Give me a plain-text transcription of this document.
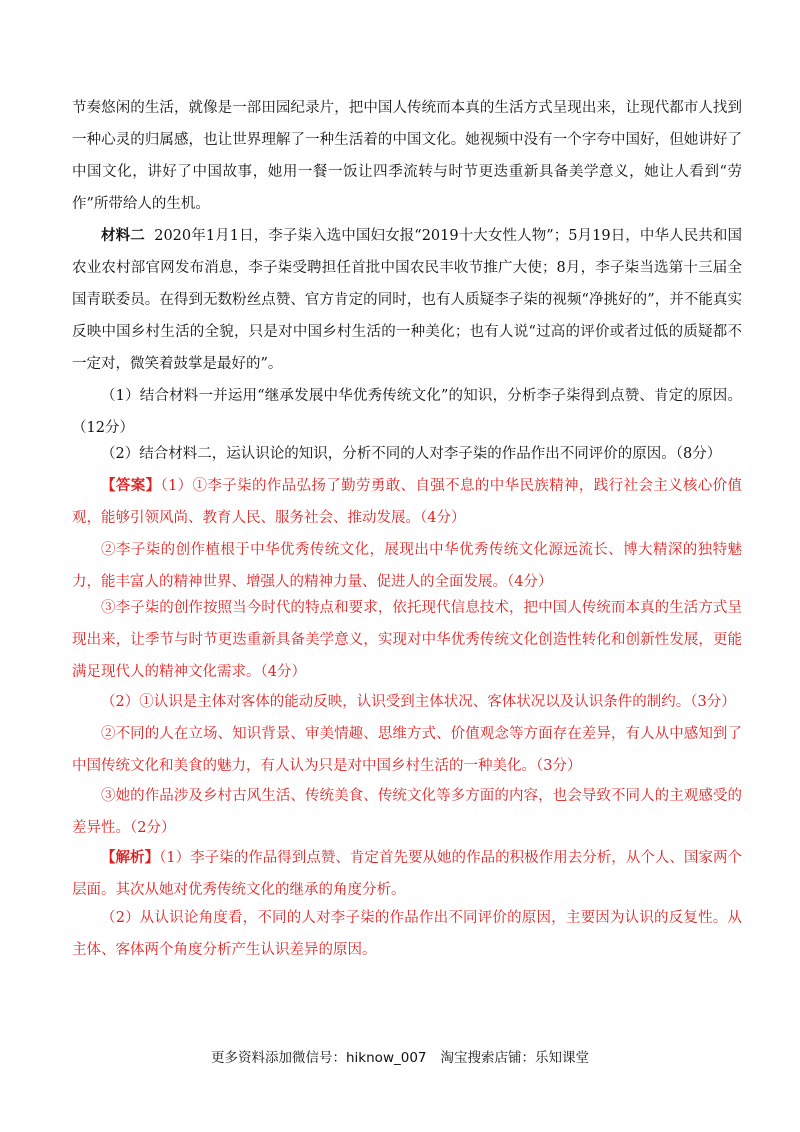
节奏悠闲的生活，就像是一部田园纪录片，把中国人传统而本真的生活方式呈现出来，让现代都市人找到一种心灵的归属感，也让世界理解了一种生活着的中国文化。她视频中没有一个字夸中国好，但她讲好了中国文化，讲好了中国故事，她用一餐一饭让四季流转与时节更迭重新具备美学意义，她让人看到“劳作”所带给人的生机。

材料二 2020年1月1日，李子柒入选中国妇女报“2019十大女性人物”；5月19日，中华人民共和国农业农村部官网发布消息，李子柒受聘担任首批中国农民丰收节推广大使；8月，李子柒当选第十三届全国青联委员。在得到无数粉丝点赞、官方肯定的同时，也有人质疑李子柒的视频“净挑好的”，并不能真实反映中国乡村生活的全貌，只是对中国乡村生活的一种美化；也有人说“过高的评价或者过低的质疑都不一定对，微笑着鼓掌是最好的”。

（1）结合材料一并运用“继承发展中华优秀传统文化”的知识，分析李子柒得到点赞、肯定的原因。（12分）

（2）结合材料二，运认识论的知识，分析不同的人对李子柒的作品作出不同评价的原因。（8分）

【答案】（1）①李子柒的作品弘扬了勤劳勇敢、自强不息的中华民族精神，践行社会主义核心价值观，能够引领风尚、教育人民、服务社会、推动发展。（4分）

②李子柒的创作植根于中华优秀传统文化，展现出中华优秀传统文化源远流长、博大精深的独特魅力，能丰富人的精神世界、增强人的精神力量、促进人的全面发展。（4分）

③李子柒的创作按照当今时代的特点和要求，依托现代信息技术，把中国人传统而本真的生活方式呈现出来，让季节与时节更迭重新具备美学意义，实现对中华优秀传统文化创造性转化和创新性发展，更能满足现代人的精神文化需求。（4分）

（2）①认识是主体对客体的能动反映，认识受到主体状况、客体状况以及认识条件的制约。（3分）

②不同的人在立场、知识背景、审美情趣、思维方式、价值观念等方面存在差异，有人从中感知到了中国传统文化和美食的魅力，有人认为只是对中国乡村生活的一种美化。（3分）

③她的作品涉及乡村古风生活、传统美食、传统文化等多方面的内容，也会导致不同人的主观感受的差异性。（2分）

【解析】（1）李子柒的作品得到点赞、肯定首先要从她的作品的积极作用去分析，从个人、国家两个层面。其次从她对优秀传统文化的继承的角度分析。

（2）从认识论角度看，不同的人对李子柒的作品作出不同评价的原因，主要因为认识的反复性。从主体、客体两个角度分析产生认识差异的原因。

更多资料添加微信号：hiknow_007 淘宝搜索店铺：乐知课堂
